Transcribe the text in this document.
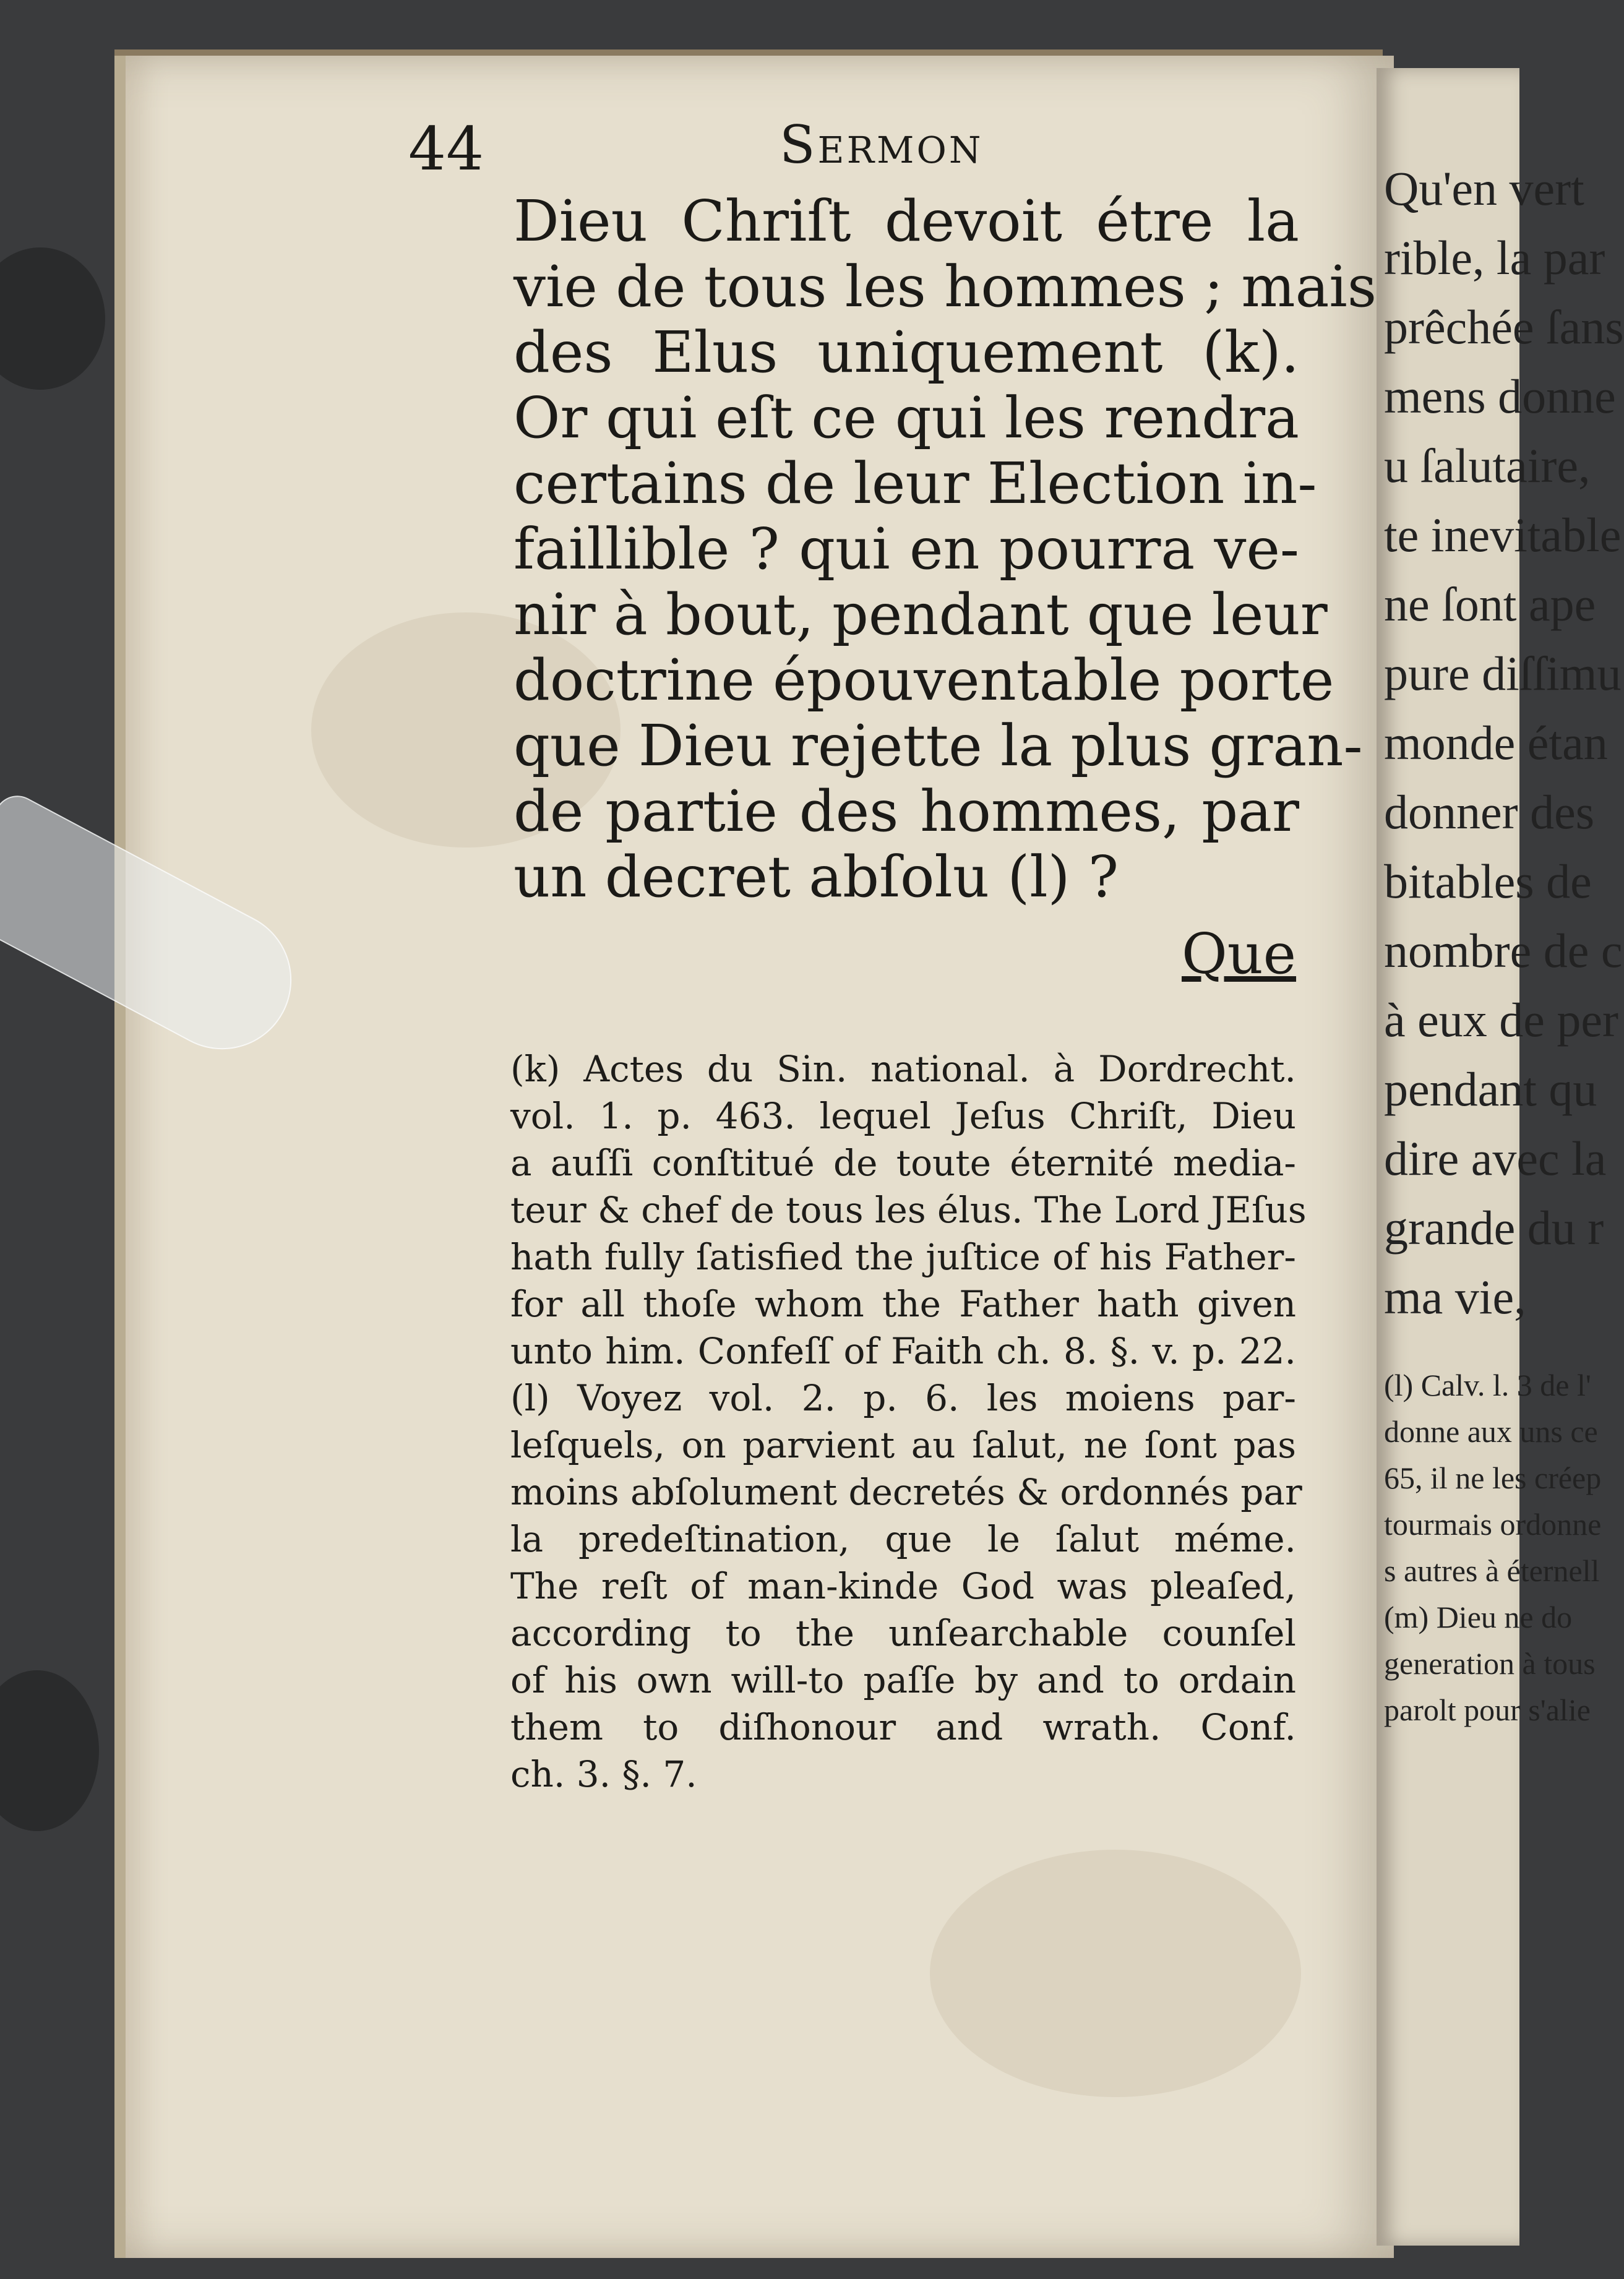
Qu'en vert
rible, la par
prêchée ſans
mens donne
u ſalutaire,
te inevitable
ne ſont ape
pure diſſimu
monde étan
donner des
bitables de
nombre de c
à eux de per
pendant qu
dire avec la
grande du r
ma vie,
(l) Calv. l. 3 de l'
donne aux uns ce
65, il ne les créep
tourmais ordonne
s autres à éternell
(m) Dieu ne do
generation à tous
parolt pour s'alie
44	Sermon
Dieu Chriſt devoit étre la
vie de tous les hommes ; mais
des Elus uniquement (k).
Or qui eſt ce qui les rendra
certains de leur Election in-
faillible ? qui en pourra ve-
nir à bout, pendant que leur
doctrine épouventable porte
que Dieu rejette la plus gran-
de partie des hommes, par
un decret abſolu (l) ?
Que
(k) Actes du Sin. national. à Dordrecht.
vol. 1. p. 463. lequel Jeſus Chriſt, Dieu
a auſſi conſtitué de toute éternité media-
teur & chef de tous les élus. The Lord JEſus
hath fully ſatisfied the juſtice of his Father-
for all thoſe whom the Father hath given
unto him. Confeſſ of Faith ch. 8. §. v. p. 22.
(l) Voyez vol. 2. p. 6. les moiens par-
leſquels, on parvient au ſalut, ne ſont pas
moins abſolument decretés & ordonnés par
la predeſtination, que le ſalut méme.
The reſt of man-kinde God was pleaſed,
according to the unſearchable counſel
of his own will-to paſſe by and to ordain
them to diſhonour and wrath. Conf.
ch. 3. §. 7.
